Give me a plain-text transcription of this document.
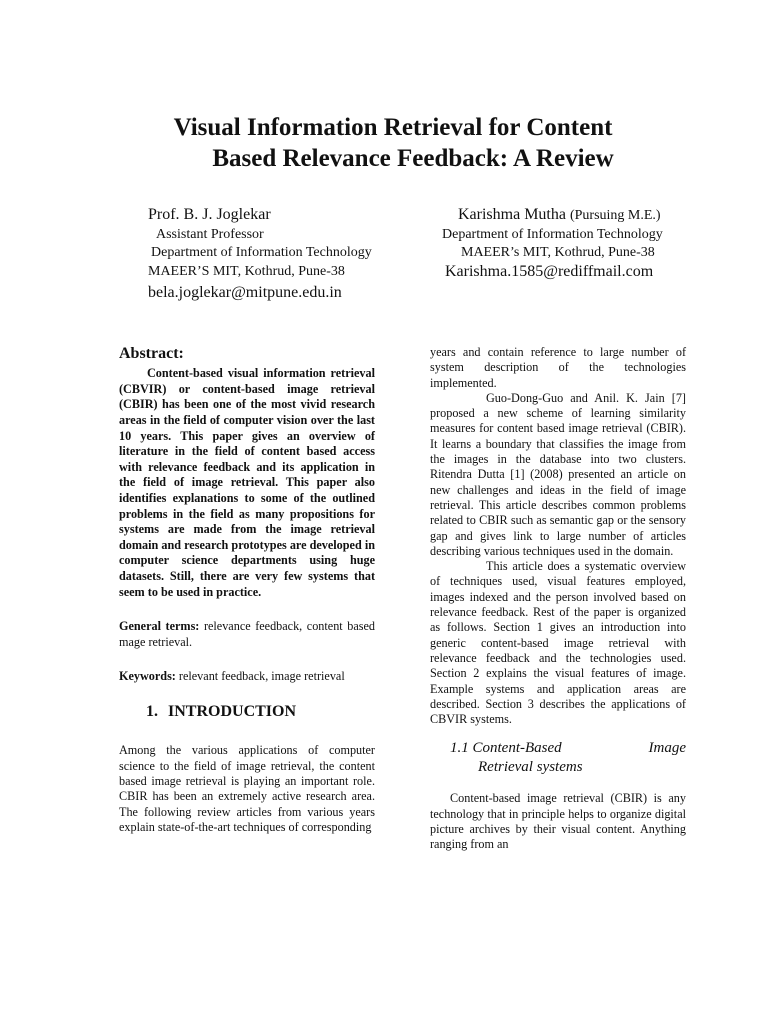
Visual Information Retrieval for Content
Based Relevance Feedback: A Review
Prof. B. J. Joglekar
Assistant Professor
Department of Information Technology
MAEER’S MIT, Kothrud, Pune-38
bela.joglekar@mitpune.edu.in
Karishma Mutha (Pursuing M.E.)
Department of Information Technology
MAEER’s MIT, Kothrud, Pune-38
Karishma.1585@rediffmail.com

Abstract:

Content-based visual information retrieval (CBVIR) or content-based image retrieval (CBIR) has been one of the most vivid research areas in the field of computer vision over the last 10 years. This paper gives an overview of literature in the field of content based access with relevance feedback and its application in the field of image retrieval. This paper also identifies explanations to some of the outlined problems in the field as many propositions for systems are made from the image retrieval domain and research prototypes are developed in computer science departments using huge datasets. Still, there are very few systems that seem to be used in practice.

General terms: relevance feedback, content based mage retrieval.

Keywords: relevant feedback, image retrieval

1. INTRODUCTION

Among the various applications of computer science to the field of image retrieval, the content based image retrieval is playing an important role. CBIR has been an extremely active research area. The following review articles from various years explain state-of-the-art techniques of corresponding

years and contain reference to large number of system description of the technologies implemented.

Guo-Dong-Guo and Anil. K. Jain [7] proposed a new scheme of learning similarity measures for content based image retrieval (CBIR). It learns a boundary that classifies the image from the images in the database into two clusters. Ritendra Dutta [1] (2008) presented an article on new challenges and ideas in the field of image retrieval. This article describes common problems related to CBIR such as semantic gap or the sensory gap and gives link to large number of articles describing various techniques used in the domain.

This article does a systematic overview of techniques used, visual features employed, images indexed and the person involved based on relevance feedback. Rest of the paper is organized as follows. Section 1 gives an introduction into generic content-based image retrieval with relevance feedback and the technologies used. Section 2 explains the visual features of image. Example systems and application areas are described. Section 3 describes the applications of CBVIR systems.

1.1 Content-Based	Image
Retrieval systems

Content-based image retrieval (CBIR) is any technology that in principle helps to organize digital picture archives by their visual content. Anything ranging from an
